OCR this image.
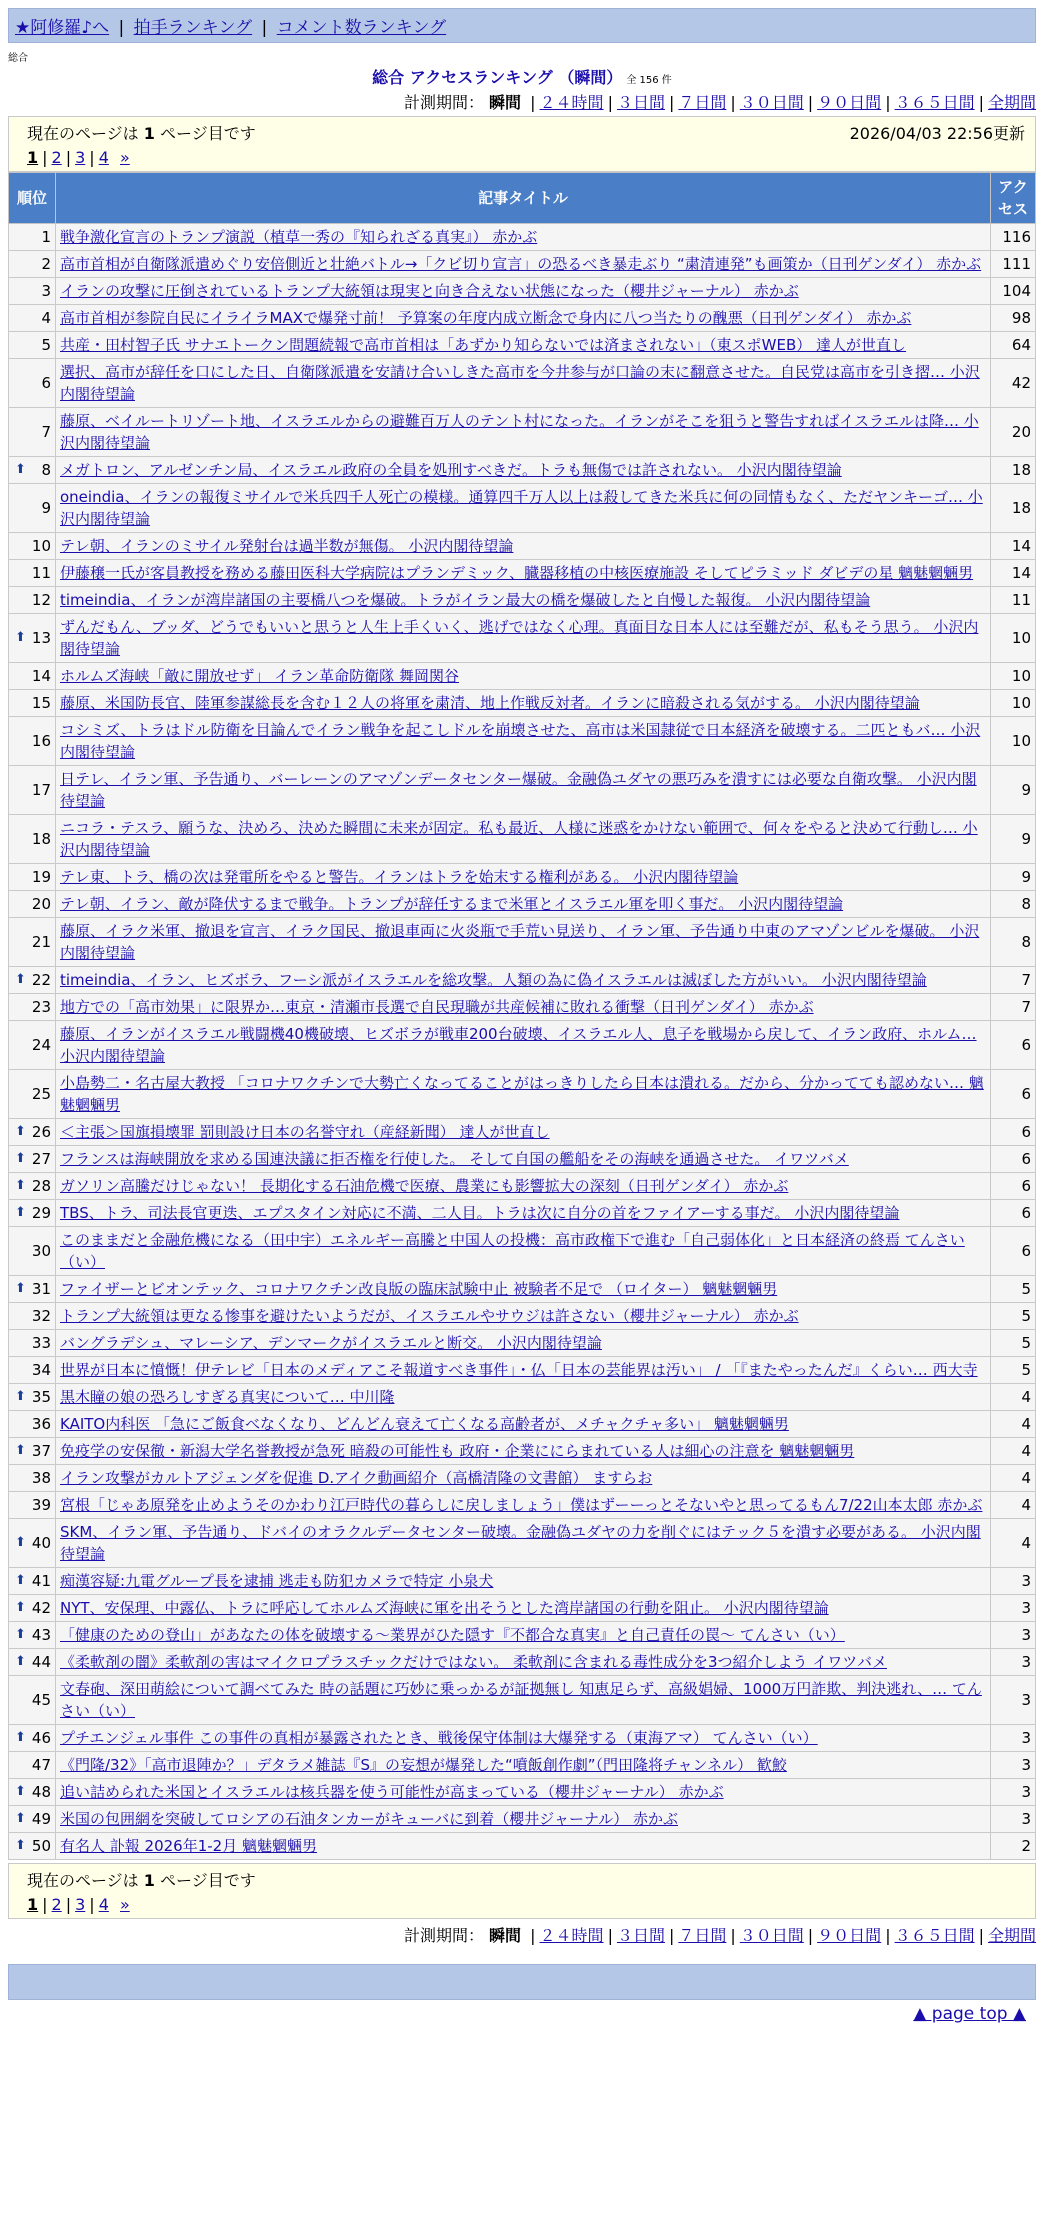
★阿修羅♪へ | 拍手ランキング | コメント数ランキング
総合
総合 アクセスランキング （瞬間） 全 156 件
計測期間： 瞬間 | ２４時間 | ３日間 | ７日間 | ３０日間 | ９０日間 | ３６５日間 | 全期間
現在のページは 1 ページ目です	2026/04/03 22:56更新
1 | 2 | 3 | 4 »
順位	記事タイトル	アクセス
1	戦争激化宣言のトランプ演説（植草一秀の『知られざる真実』） 赤かぶ	116
2	高市首相が自衛隊派遣めぐり安倍側近と壮絶バトル→「クビ切り宣言」の恐るべき暴走ぶり “粛清連発”も画策か（日刊ゲンダイ） 赤かぶ	111
3	イランの攻撃に圧倒されているトランプ大統領は現実と向き合えない状態になった（櫻井ジャーナル） 赤かぶ	104
4	高市首相が参院自民にイライラMAXで爆発寸前！ 予算案の年度内成立断念で身内に八つ当たりの醜悪（日刊ゲンダイ） 赤かぶ	98
5	共産・田村智子氏 サナエトークン問題続報で高市首相は「あずかり知らないでは済まされない」（東スポWEB） 達人が世直し	64
6	選択、高市が辞任を口にした日、自衛隊派遣を安請け合いしきた高市を今井参与が口論の末に翻意させた。自民党は高市を引き摺… 小沢内閣待望論	42
7	藤原、ベイルートリゾート地、イスラエルからの避難百万人のテント村になった。イランがそこを狙うと警告すればイスラエルは降… 小沢内閣待望論	20

⬆ 8	メガトロン、アルゼンチン局、イスラエル政府の全員を処刑すべきだ。トラも無傷では許されない。 小沢内閣待望論	18
9	oneindia、イランの報復ミサイルで米兵四千人死亡の模様。通算四千万人以上は殺してきた米兵に何の同情もなく、ただヤンキーゴ… 小沢内閣待望論	18
10	テレ朝、イランのミサイル発射台は過半数が無傷。 小沢内閣待望論	14
11	伊藤穣一氏が客員教授を務める藤田医科大学病院はプランデミック、臓器移植の中核医療施設 そしてピラミッド ダビデの星 魑魅魍魎男	14
12	timeindia、イランが湾岸諸国の主要橋八つを爆破。トラがイラン最大の橋を爆破したと自慢した報復。 小沢内閣待望論	11

⬆ 13	ずんだもん、ブッダ、どうでもいいと思うと人生上手くいく、逃げではなく心理。真面目な日本人には至難だが、私もそう思う。 小沢内閣待望論	10
14	ホルムズ海峡「敵に開放せず」 イラン革命防衛隊 舞岡関谷	10
15	藤原、米国防長官、陸軍参謀総長を含む１２人の将軍を粛清、地上作戦反対者。イランに暗殺される気がする。 小沢内閣待望論	10
16	コシミズ、トラはドル防衛を目論んでイラン戦争を起こしドルを崩壊させた、高市は米国隷従で日本経済を破壊する。二匹ともバ… 小沢内閣待望論	10
17	日テレ、イラン軍、予告通り、バーレーンのアマゾンデータセンター爆破。金融偽ユダヤの悪巧みを潰すには必要な自衛攻撃。 小沢内閣待望論	9
18	ニコラ・テスラ、願うな、決めろ、決めた瞬間に未来が固定。私も最近、人様に迷惑をかけない範囲で、何々をやると決めて行動し… 小沢内閣待望論	9
19	テレ東、トラ、橋の次は発電所をやると警告。イランはトラを始末する権利がある。 小沢内閣待望論	9
20	テレ朝、イラン、敵が降伏するまで戦争。トランプが辞任するまで米軍とイスラエル軍を叩く事だ。 小沢内閣待望論	8
21	藤原、イラク米軍、撤退を宣言、イラク国民、撤退車両に火炎瓶で手荒い見送り、イラン軍、予告通り中東のアマゾンビルを爆破。 小沢内閣待望論	8

⬆ 22	timeindia、イラン、ヒズボラ、フーシ派がイスラエルを総攻撃。人類の為に偽イスラエルは滅ぼした方がいい。 小沢内閣待望論	7
23	地方での「高市効果」に限界か…東京・清瀬市長選で自民現職が共産候補に敗れる衝撃（日刊ゲンダイ） 赤かぶ	7
24	藤原、イランがイスラエル戦闘機40機破壊、ヒズボラが戦車200台破壊、イスラエル人、息子を戦場から戻して、イラン政府、ホルム… 小沢内閣待望論	6
25	小島勢二・名古屋大教授 「コロナワクチンで大勢亡くなってることがはっきりしたら日本は潰れる。だから、分かってても認めない… 魑魅魍魎男	6

⬆ 26	＜主張＞国旗損壊罪 罰則設け日本の名誉守れ（産経新聞） 達人が世直し	6

⬆ 27	フランスは海峡開放を求める国連決議に拒否権を行使した。 そして自国の艦船をその海峡を通過させた。 イワツバメ	6

⬆ 28	ガソリン高騰だけじゃない！ 長期化する石油危機で医療、農業にも影響拡大の深刻（日刊ゲンダイ） 赤かぶ	6

⬆ 29	TBS、トラ、司法長官更迭、エプスタイン対応に不満、二人目。トラは次に自分の首をファイアーする事だ。 小沢内閣待望論	6
30	このままだと金融危機になる（田中宇）エネルギー高騰と中国人の投機：高市政権下で進む「自己弱体化」と日本経済の終焉 てんさい（い）	6

⬆ 31	ファイザーとビオンテック、コロナワクチン改良版の臨床試験中止 被験者不足で （ロイター） 魑魅魍魎男	5
32	トランプ大統領は更なる惨事を避けたいようだが、イスラエルやサウジは許さない（櫻井ジャーナル） 赤かぶ	5
33	バングラデシュ、マレーシア、デンマークがイスラエルと断交。 小沢内閣待望論	5
34	世界が日本に憤慨！伊テレビ「日本のメディアこそ報道すべき事件」・仏「日本の芸能界は汚い」 / 「『またやったんだ』くらい… 西大寺	5

⬆ 35	黒木瞳の娘の恐ろしすぎる真実について… 中川隆	4
36	KAITO内科医 「急にご飯食べなくなり、どんどん衰えて亡くなる高齢者が、メチャクチャ多い」 魑魅魍魎男	4

⬆ 37	免疫学の安保徹・新潟大学名誉教授が急死 暗殺の可能性も 政府・企業ににらまれている人は細心の注意を 魑魅魍魎男	4
38	イラン攻撃がカルトアジェンダを促進 D.アイク動画紹介（高橋清隆の文書館） ますらお	4
39	宮根「じゃあ原発を止めようそのかわり江戸時代の暮らしに戻しましょう」僕はずーーっとそないやと思ってるもん7/22山本太郎 赤かぶ	4

⬆ 40	SKM、イラン軍、予告通り、ドバイのオラクルデータセンター破壊。金融偽ユダヤの力を削ぐにはテック５を潰す必要がある。 小沢内閣待望論	4

⬆ 41	痴漢容疑:九電グループ長を逮捕 逃走も防犯カメラで特定 小泉犬	3

⬆ 42	NYT、安保理、中露仏、トラに呼応してホルムズ海峡に軍を出そうとした湾岸諸国の行動を阻止。 小沢内閣待望論	3

⬆ 43	「健康のための登山」があなたの体を破壊する〜業界がひた隠す『不都合な真実』と自己責任の罠〜 てんさい（い）	3

⬆ 44	《柔軟剤の闇》柔軟剤の害はマイクロプラスチックだけではない。 柔軟剤に含まれる毒性成分を3つ紹介しよう イワツバメ	3
45	文春砲、深田萌絵について調べてみた 時の話題に巧妙に乗っかるが証拠無し 知恵足らず、高級娼婦、1000万円詐欺、判決逃れ、… てんさい（い）	3

⬆ 46	プチエンジェル事件 この事件の真相が暴露されたとき、戦後保守体制は大爆発する（東海アマ） てんさい（い）	3
47	《門隆/32》「高市退陣か？」デタラメ雑誌『S』の妄想が爆発した“噴飯創作劇”（門田隆将チャンネル） 歓鮫	3

⬆ 48	追い詰められた米国とイスラエルは核兵器を使う可能性が高まっている（櫻井ジャーナル） 赤かぶ	3

⬆ 49	米国の包囲網を突破してロシアの石油タンカーがキューバに到着（櫻井ジャーナル） 赤かぶ	3

⬆ 50	有名人 訃報 2026年1-2月 魑魅魍魎男	2
現在のページは 1 ページ目です
1 | 2 | 3 | 4 »
計測期間： 瞬間 | ２４時間 | ３日間 | ７日間 | ３０日間 | ９０日間 | ３６５日間 | 全期間
▲ page top ▲
